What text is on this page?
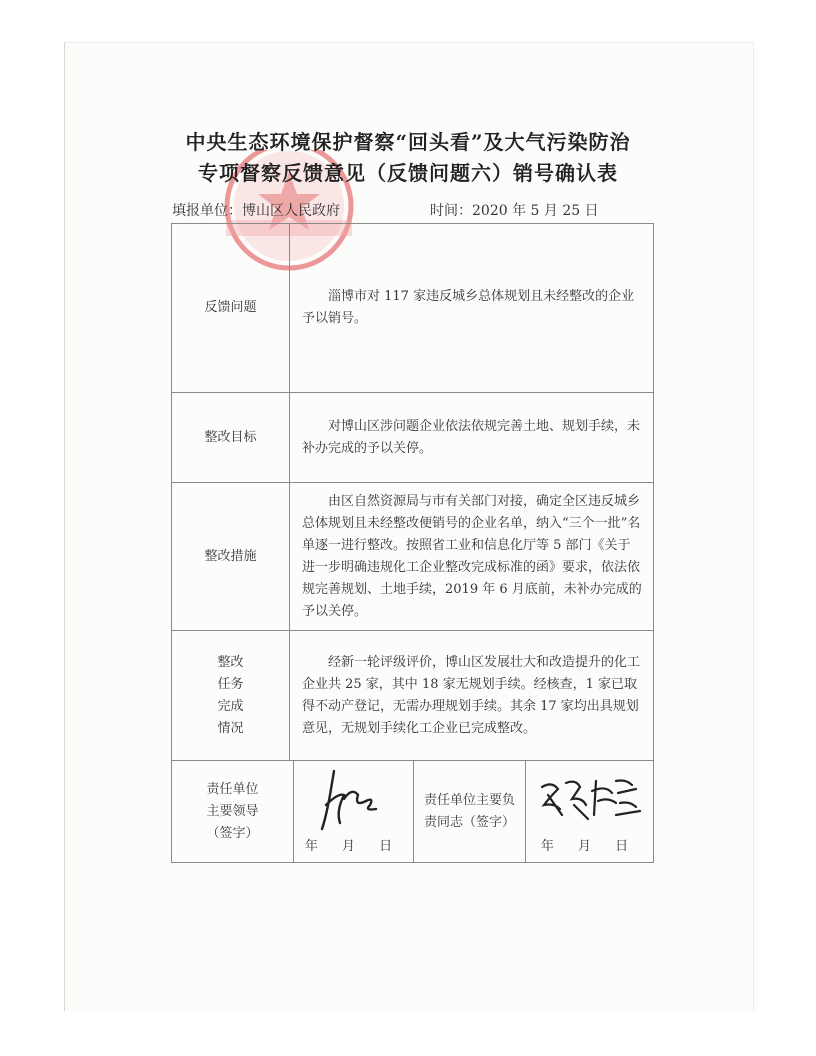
中央生态环境保护督察“回头看”及大气污染防治
专项督察反馈意见（反馈问题六）销号确认表
填报单位：博山区人民政府	时间：2020 年 5 月 25 日
反馈问题	淄博市对 117 家违反城乡总体规划且未经整改的企业予以销号。			
整改目标	对博山区涉问题企业依法依规完善土地、规划手续，未补办完成的予以关停。			
整改措施	由区自然资源局与市有关部门对接，确定全区违反城乡总体规划且未经整改便销号的企业名单，纳入“三个一批”名单逐一进行整改。按照省工业和信息化厅等 5 部门《关于进一步明确违规化工企业整改完成标准的函》要求，依法依规完善规划、土地手续，2019 年 6 月底前，未补办完成的予以关停。			
整改任务完成情况	经新一轮评级评价，博山区发展壮大和改造提升的化工企业共 25 家，其中 18 家无规划手续。经核查，1 家已取得不动产登记，无需办理规划手续。其余 17 家均出具规划意见，无规划手续化工企业已完成整改。			

责任单位主要领导（签字）		年 月 日	责任单位主要负责同志（签字）	年 月 日
